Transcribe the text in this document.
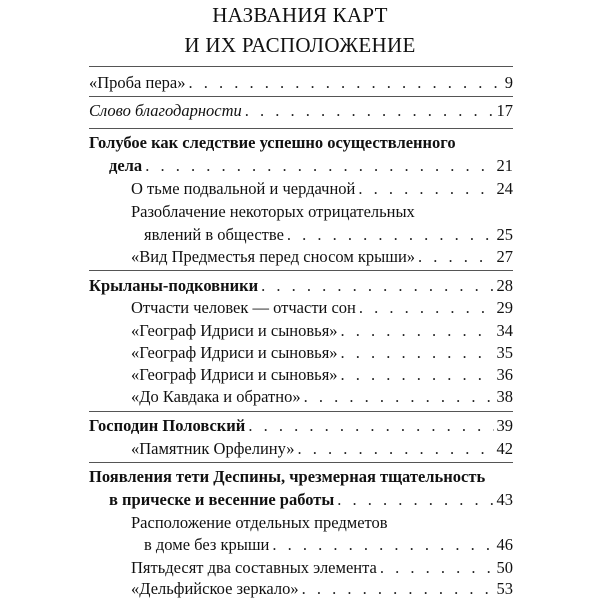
НАЗВАНИЯ КАРТ
И ИХ РАСПОЛОЖЕНИЕ
«Проба пера» . . .	9
Слово благодарности . . .	17
Голубое как следствие успешно осуществленного
дела . . .	21
О тьме подвальной и чердачной . . .	24
Разоблачение некоторых отрицательных
явлений в обществе . . .	25
«Вид Предместья перед сносом крыши» . . .	27
Крыланы-подковники . . .	28
Отчасти человек — отчасти сон . . .	29
«Географ Идриси и сыновья» . . .	34
«Географ Идриси и сыновья» . . .	35
«Географ Идриси и сыновья» . . .	36
«До Кавдака и обратно» . . .	38
Господин Половский . . .	39
«Памятник Орфелину» . . .	42
Появления тети Деспины, чрезмерная тщательность
в прическе и весенние работы . . .	43
Расположение отдельных предметов
в доме без крыши . . .	46
Пятьдесят два составных элемента . . .	50
«Дельфийское зеркало» . . .	53
